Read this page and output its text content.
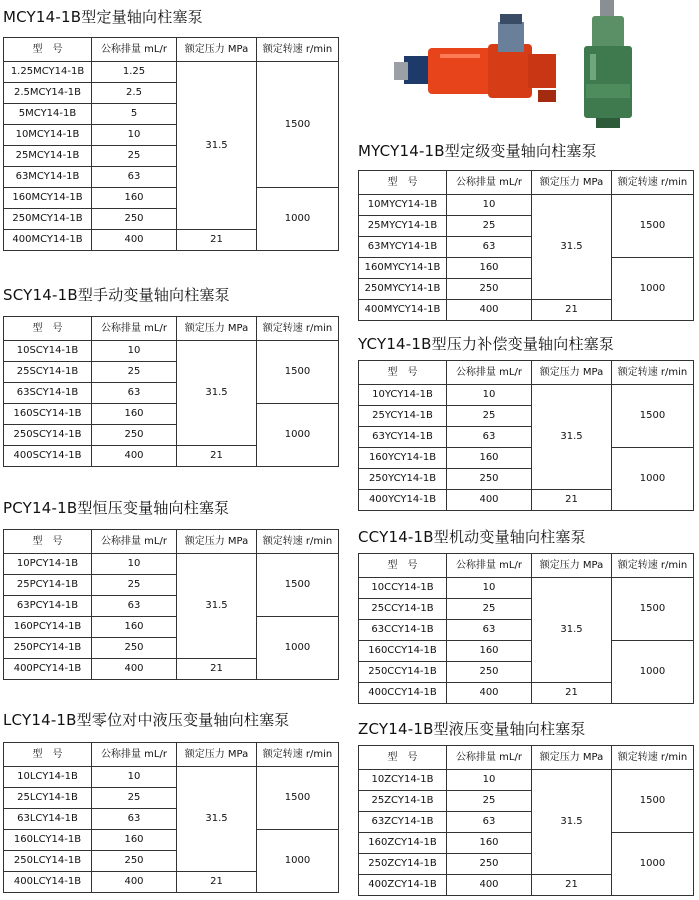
MCY14-1B型定量轴向柱塞泵
型　号	公称排量 mL/r	额定压力 MPa	额定转速 r/min
1.25MCY14-1B	1.25	31.5	1500
2.5MCY14-1B	2.5		
5MCY14-1B	5		
10MCY14-1B	10		
25MCY14-1B	25		
63MCY14-1B	63		
160MCY14-1B	160		1000
250MCY14-1B	250		
400MCY14-1B	400	21	
SCY14-1B型手动变量轴向柱塞泵
型　号	公称排量 mL/r	额定压力 MPa	额定转速 r/min
10SCY14-1B	10	31.5	1500
25SCY14-1B	25		
63SCY14-1B	63		
160SCY14-1B	160		1000
250SCY14-1B	250		
400SCY14-1B	400	21	
PCY14-1B型恒压变量轴向柱塞泵
型　号	公称排量 mL/r	额定压力 MPa	额定转速 r/min
10PCY14-1B	10	31.5	1500
25PCY14-1B	25		
63PCY14-1B	63		
160PCY14-1B	160		1000
250PCY14-1B	250		
400PCY14-1B	400	21	
LCY14-1B型零位对中液压变量轴向柱塞泵
型　号	公称排量 mL/r	额定压力 MPa	额定转速 r/min
10LCY14-1B	10	31.5	1500
25LCY14-1B	25		
63LCY14-1B	63		
160LCY14-1B	160		1000
250LCY14-1B	250		
400LCY14-1B	400	21	
MYCY14-1B型定级变量轴向柱塞泵
型　号	公称排量 mL/r	额定压力 MPa	额定转速 r/min
10MYCY14-1B	10	31.5	1500
25MYCY14-1B	25		
63MYCY14-1B	63		
160MYCY14-1B	160		1000
250MYCY14-1B	250		
400MYCY14-1B	400	21	
YCY14-1B型压力补偿变量轴向柱塞泵
型　号	公称排量 mL/r	额定压力 MPa	额定转速 r/min
10YCY14-1B	10	31.5	1500
25YCY14-1B	25		
63YCY14-1B	63		
160YCY14-1B	160		1000
250YCY14-1B	250		
400YCY14-1B	400	21	
CCY14-1B型机动变量轴向柱塞泵
型　号	公称排量 mL/r	额定压力 MPa	额定转速 r/min
10CCY14-1B	10	31.5	1500
25CCY14-1B	25		
63CCY14-1B	63		
160CCY14-1B	160		1000
250CCY14-1B	250		
400CCY14-1B	400	21	
ZCY14-1B型液压变量轴向柱塞泵
型　号	公称排量 mL/r	额定压力 MPa	额定转速 r/min
10ZCY14-1B	10	31.5	1500
25ZCY14-1B	25		
63ZCY14-1B	63		
160ZCY14-1B	160		1000
250ZCY14-1B	250		
400ZCY14-1B	400	21	
